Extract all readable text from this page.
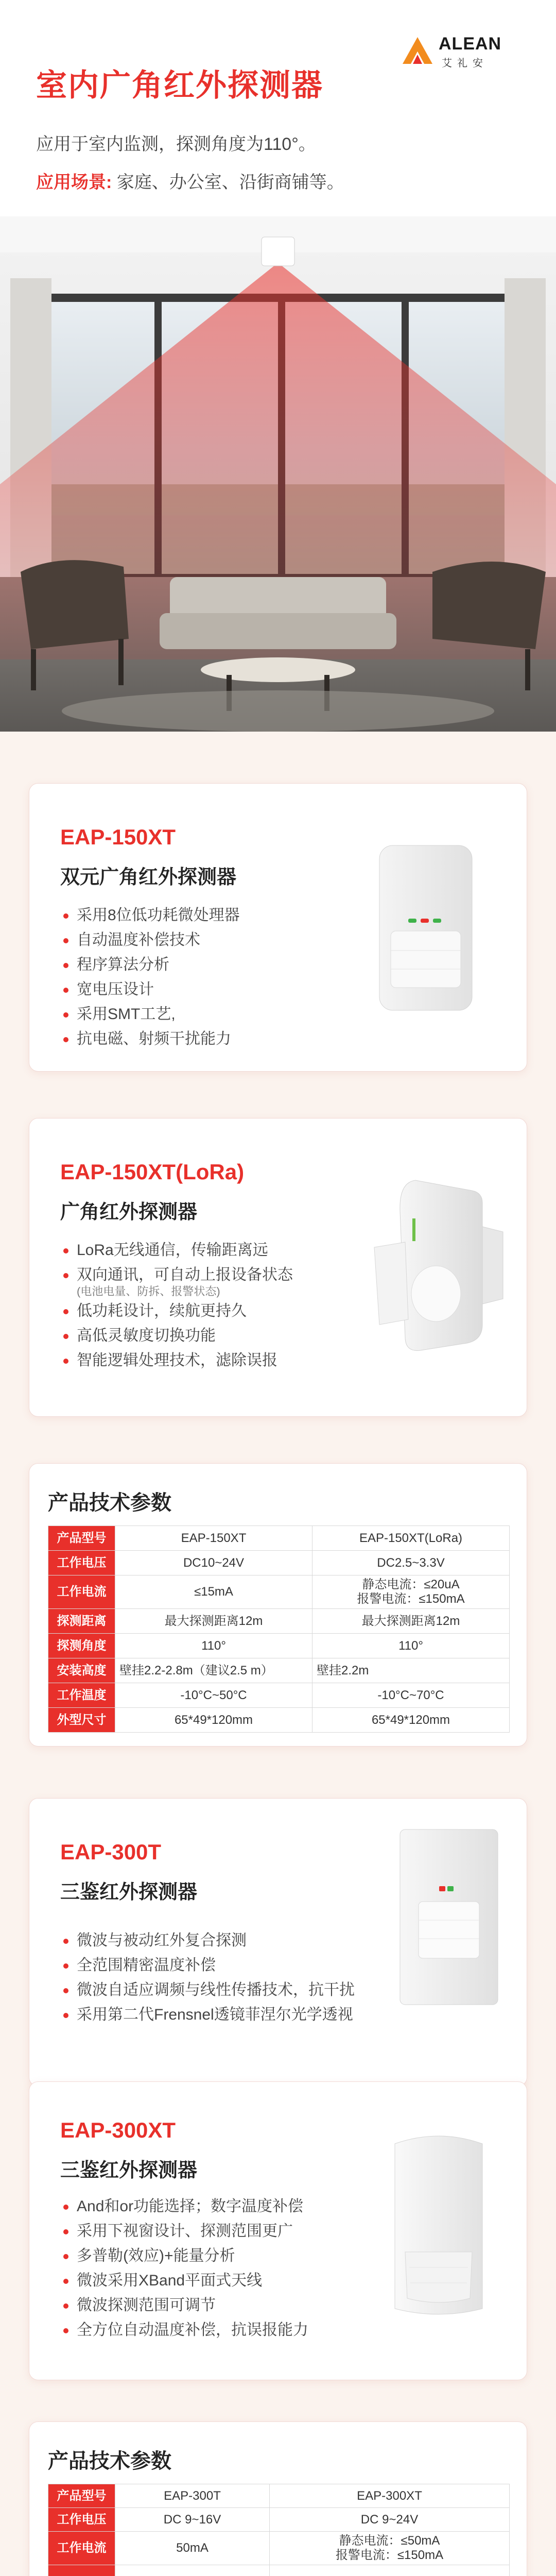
ALEAN
艾礼安
室内广角红外探测器

应用于室内监测，探测角度为110°。

应用场景: 家庭、办公室、沿街商铺等。

EAP-150XT
双元广角红外探测器
采用8位低功耗微处理器
自动温度补偿技术
程序算法分析
宽电压设计
采用SMT工艺,
抗电磁、射频干扰能力
EAP-150XT(LoRa)
广角红外探测器
LoRa无线通信，传输距离远
双向通讯，可自动上报设备状态
(电池电量、防拆、报警状态)
低功耗设计，续航更持久
高低灵敏度切换功能
智能逻辑处理技术，滤除误报
产品技术参数
产品型号	EAP-150XT	EAP-150XT(LoRa)
工作电压	DC10~24V	DC2.5~3.3V
工作电流	≤15mA	静态电流：≤20uA
报警电流：≤150mA

探测距离	最大探测距离12m	最大探测距离12m
探测角度	110°	110°
安装高度	壁挂2.2-2.8m（建议2.5 m）	壁挂2.2m
工作温度	-10°C~50°C	-10°C~70°C
外型尺寸	65*49*120mm	65*49*120mm
EAP-300T
三鉴红外探测器
微波与被动红外复合探测
全范围精密温度补偿
微波自适应调频与线性传播技术，抗干扰
采用第二代Frensnel透镜菲涅尔光学透视
EAP-300XT
三鉴红外探测器
And和or功能选择；数字温度补偿
采用下视窗设计、探测范围更广
多普勒(效应)+能量分析
微波采用XBand平面式天线
微波探测范围可调节
全方位自动温度补偿，抗误报能力
产品技术参数
产品型号	EAP-300T	EAP-300XT
工作电压	DC 9~16V	DC 9~24V
工作电流	50mA	静态电流：≤50mA
报警电流：≤150mA
